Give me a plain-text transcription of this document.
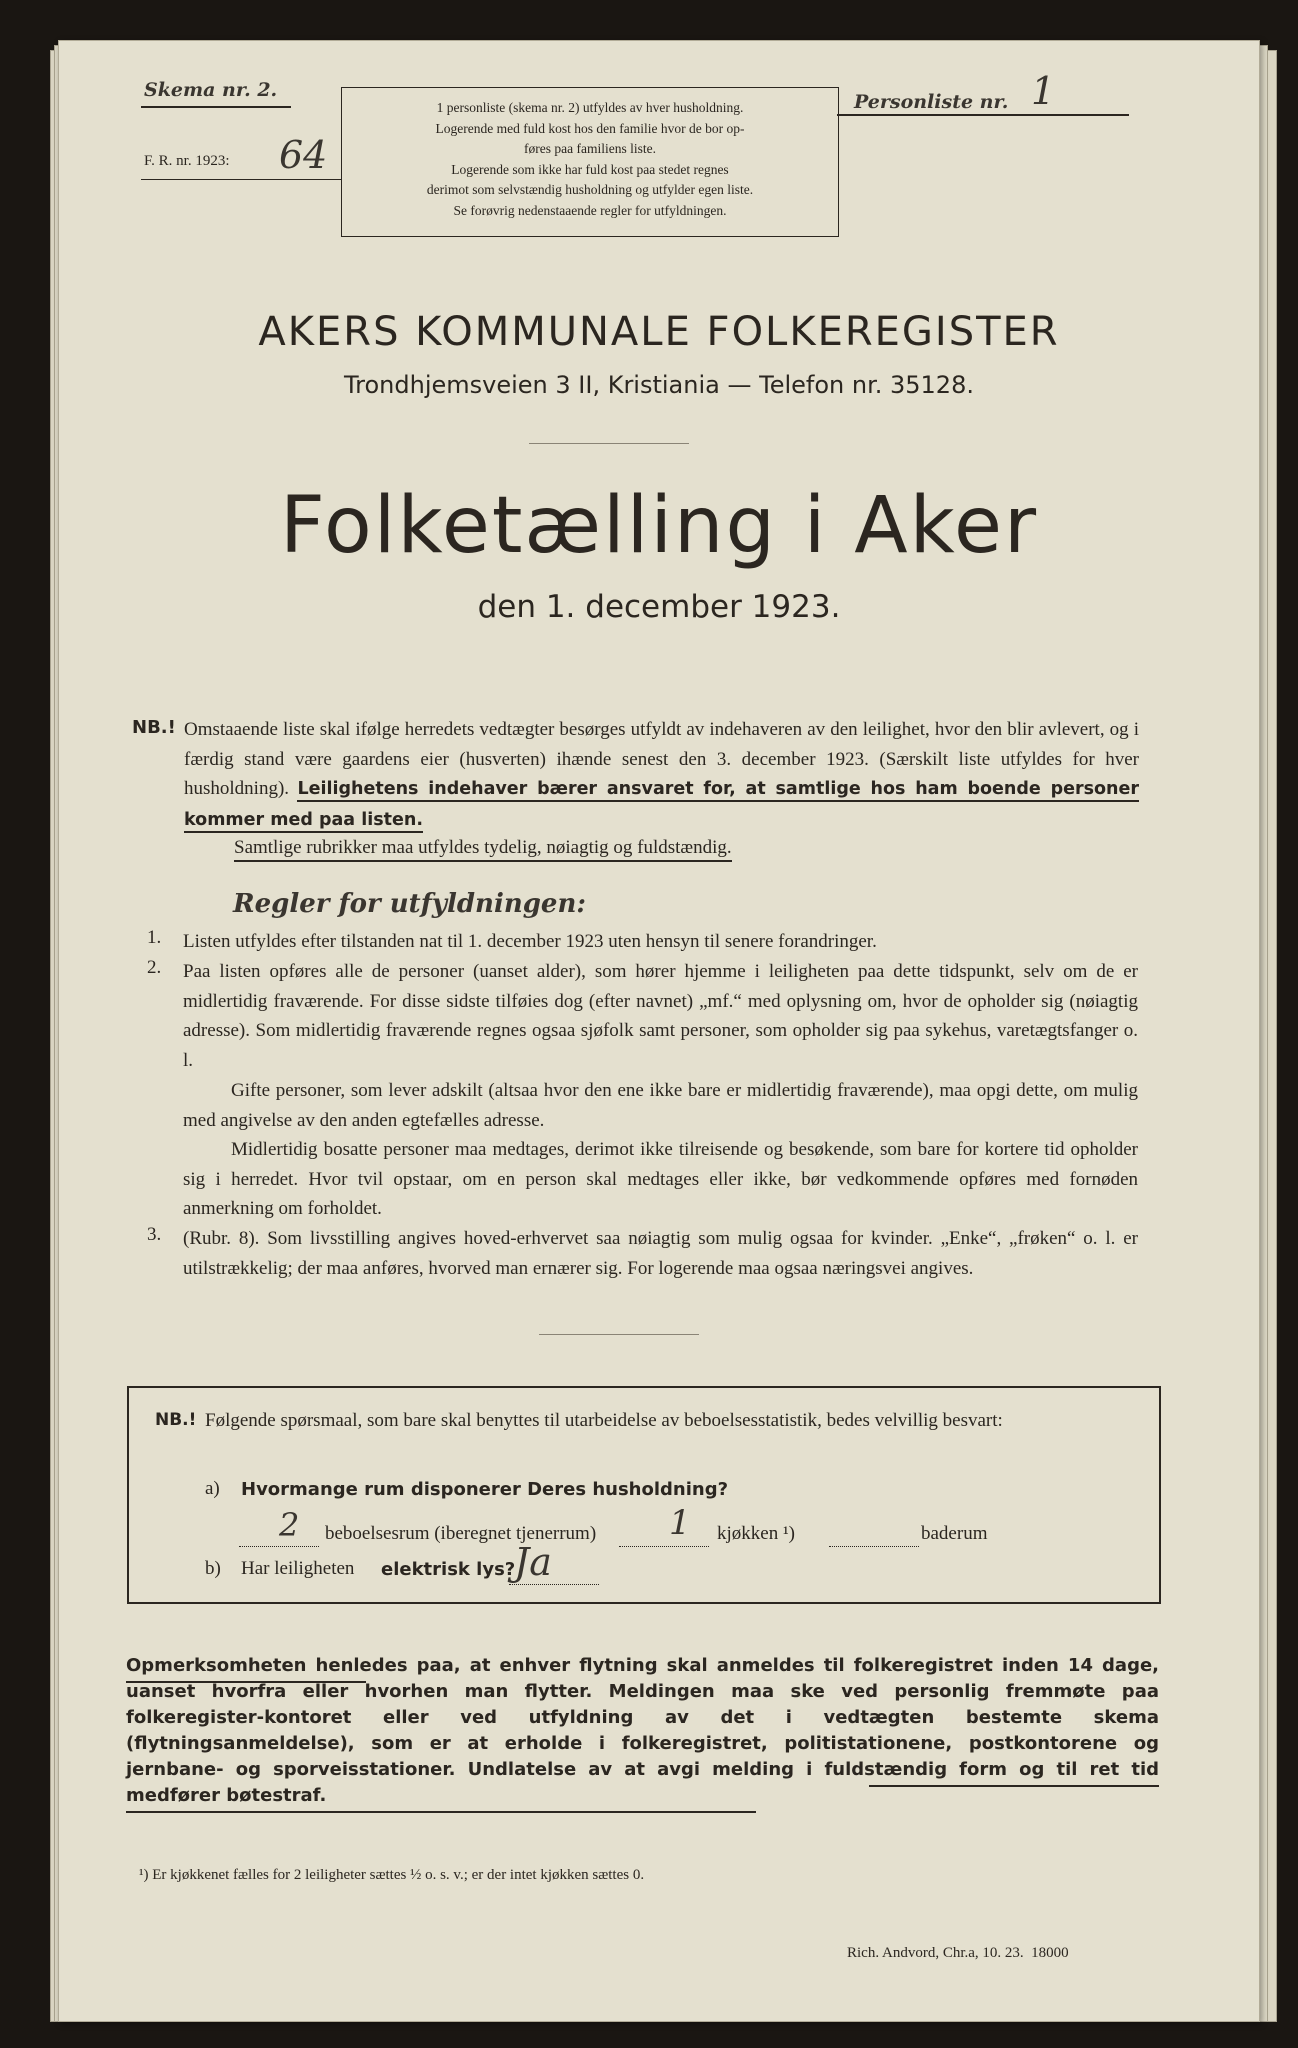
Skema nr. 2.
F. R. nr. 1923: 64
1 personliste (skema nr. 2) utfyldes av hver husholdning.
Logerende med fuld kost hos den familie hvor de bor op-
føres paa familiens liste.
Logerende som ikke har fuld kost paa stedet regnes
derimot som selvstændig husholdning og utfylder egen liste.
Se forøvrig nedenstaaende regler for utfyldningen.
Personliste nr. 1
AKERS KOMMUNALE FOLKEREGISTER
Trondhjemsveien 3 II, Kristiania — Telefon nr. 35128.
Folketælling i Aker
den 1. december 1923.
NB.! Omstaaende liste skal ifølge herredets vedtægter besørges utfyldt av indehaveren av den leilighet, hvor den blir avlevert, og i færdig stand være gaardens eier (husverten) ihænde senest den 3. december 1923. (Særskilt liste utfyldes for hver husholdning). Leilighetens indehaver bærer ansvaret for, at samtlige hos ham boende personer kommer med paa listen.
Samtlige rubrikker maa utfyldes tydelig, nøiagtig og fuldstændig.
Regler for utfyldningen:
1. Listen utfyldes efter tilstanden nat til 1. december 1923 uten hensyn til senere forandringer.
2. Paa listen opføres alle de personer (uanset alder), som hører hjemme i leiligheten paa dette tidspunkt, selv om de er midlertidig fraværende. For disse sidste tilføies dog (efter navnet) „mf.“ med oplysning om, hvor de opholder sig (nøiagtig adresse). Som midlertidig fraværende regnes ogsaa sjøfolk samt personer, som opholder sig paa sykehus, varetægtsfanger o. l.
Gifte personer, som lever adskilt (altsaa hvor den ene ikke bare er midlertidig fraværende), maa opgi dette, om mulig med angivelse av den anden egtefælles adresse.
Midlertidig bosatte personer maa medtages, derimot ikke tilreisende og besøkende, som bare for kortere tid opholder sig i herredet. Hvor tvil opstaar, om en person skal medtages eller ikke, bør vedkommende opføres med fornøden anmerkning om forholdet.
3. (Rubr. 8). Som livsstilling angives hoved-erhvervet saa nøiagtig som mulig ogsaa for kvinder. „Enke“, „frøken“ o. l. er utilstrækkelig; der maa anføres, hvorved man ernærer sig. For logerende maa ogsaa næringsvei angives.
NB.! Følgende spørsmaal, som bare skal benyttes til utarbeidelse av beboelsesstatistik, bedes velvillig besvart:
a) Hvormange rum disponerer Deres husholdning?
2 beboelsesrum (iberegnet tjenerrum) 1 kjøkken ¹)	baderum
b) Har leiligheten elektrisk lys?
Ja
Opmerksomheten henledes paa, at enhver flytning skal anmeldes til folkeregistret inden 14 dage, uanset hvorfra eller hvorhen man flytter. Meldingen maa ske ved personlig fremmøte paa folkeregister-kontoret eller ved utfyldning av det i vedtægten bestemte skema (flytningsanmeldelse), som er at erholde i folkeregistret, politistationene, postkontorene og jernbane- og sporveisstationer. Undlatelse av at avgi melding i fuldstændig form og til ret tid medfører bøtestraf.
¹) Er kjøkkenet fælles for 2 leiligheter sættes ½ o. s. v.; er der intet kjøkken sættes 0.
Rich. Andvord, Chr.a, 10. 23.  18000
